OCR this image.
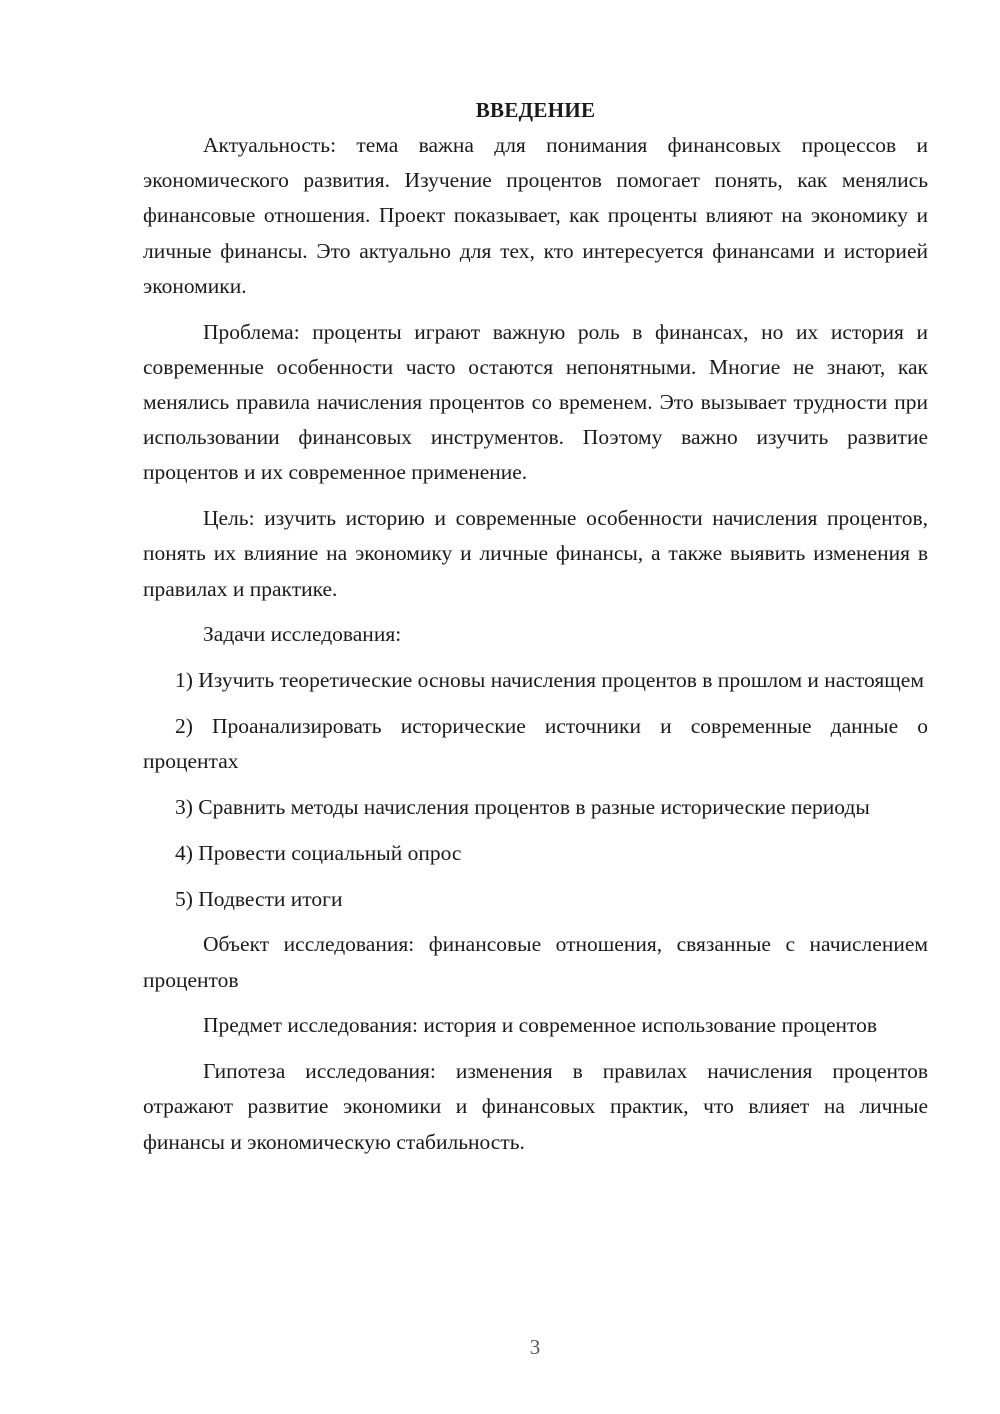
ВВЕДЕНИЕ

Актуальность: тема важна для понимания финансовых процессов и экономического развития. Изучение процентов помогает понять, как менялись финансовые отношения. Проект показывает, как проценты влияют на экономику и личные финансы. Это актуально для тех, кто интересуется финансами и историей экономики.

Проблема: проценты играют важную роль в финансах, но их история и современные особенности часто остаются непонятными. Многие не знают, как менялись правила начисления процентов со временем. Это вызывает трудности при использовании финансовых инструментов. Поэтому важно изучить развитие процентов и их современное применение.

Цель: изучить историю и современные особенности начисления процентов, понять их влияние на экономику и личные финансы, а также выявить изменения в правилах и практике.

Задачи исследования:

1) Изучить теоретические основы начисления процентов в прошлом и настоящем

2) Проанализировать исторические источники и современные данные о процентах

3) Сравнить методы начисления процентов в разные исторические периоды

4) Провести социальный опрос

5) Подвести итоги

Объект исследования: финансовые отношения, связанные с начислением процентов

Предмет исследования: история и современное использование процентов

Гипотеза исследования: изменения в правилах начисления процентов отражают развитие экономики и финансовых практик, что влияет на личные финансы и экономическую стабильность.

3
